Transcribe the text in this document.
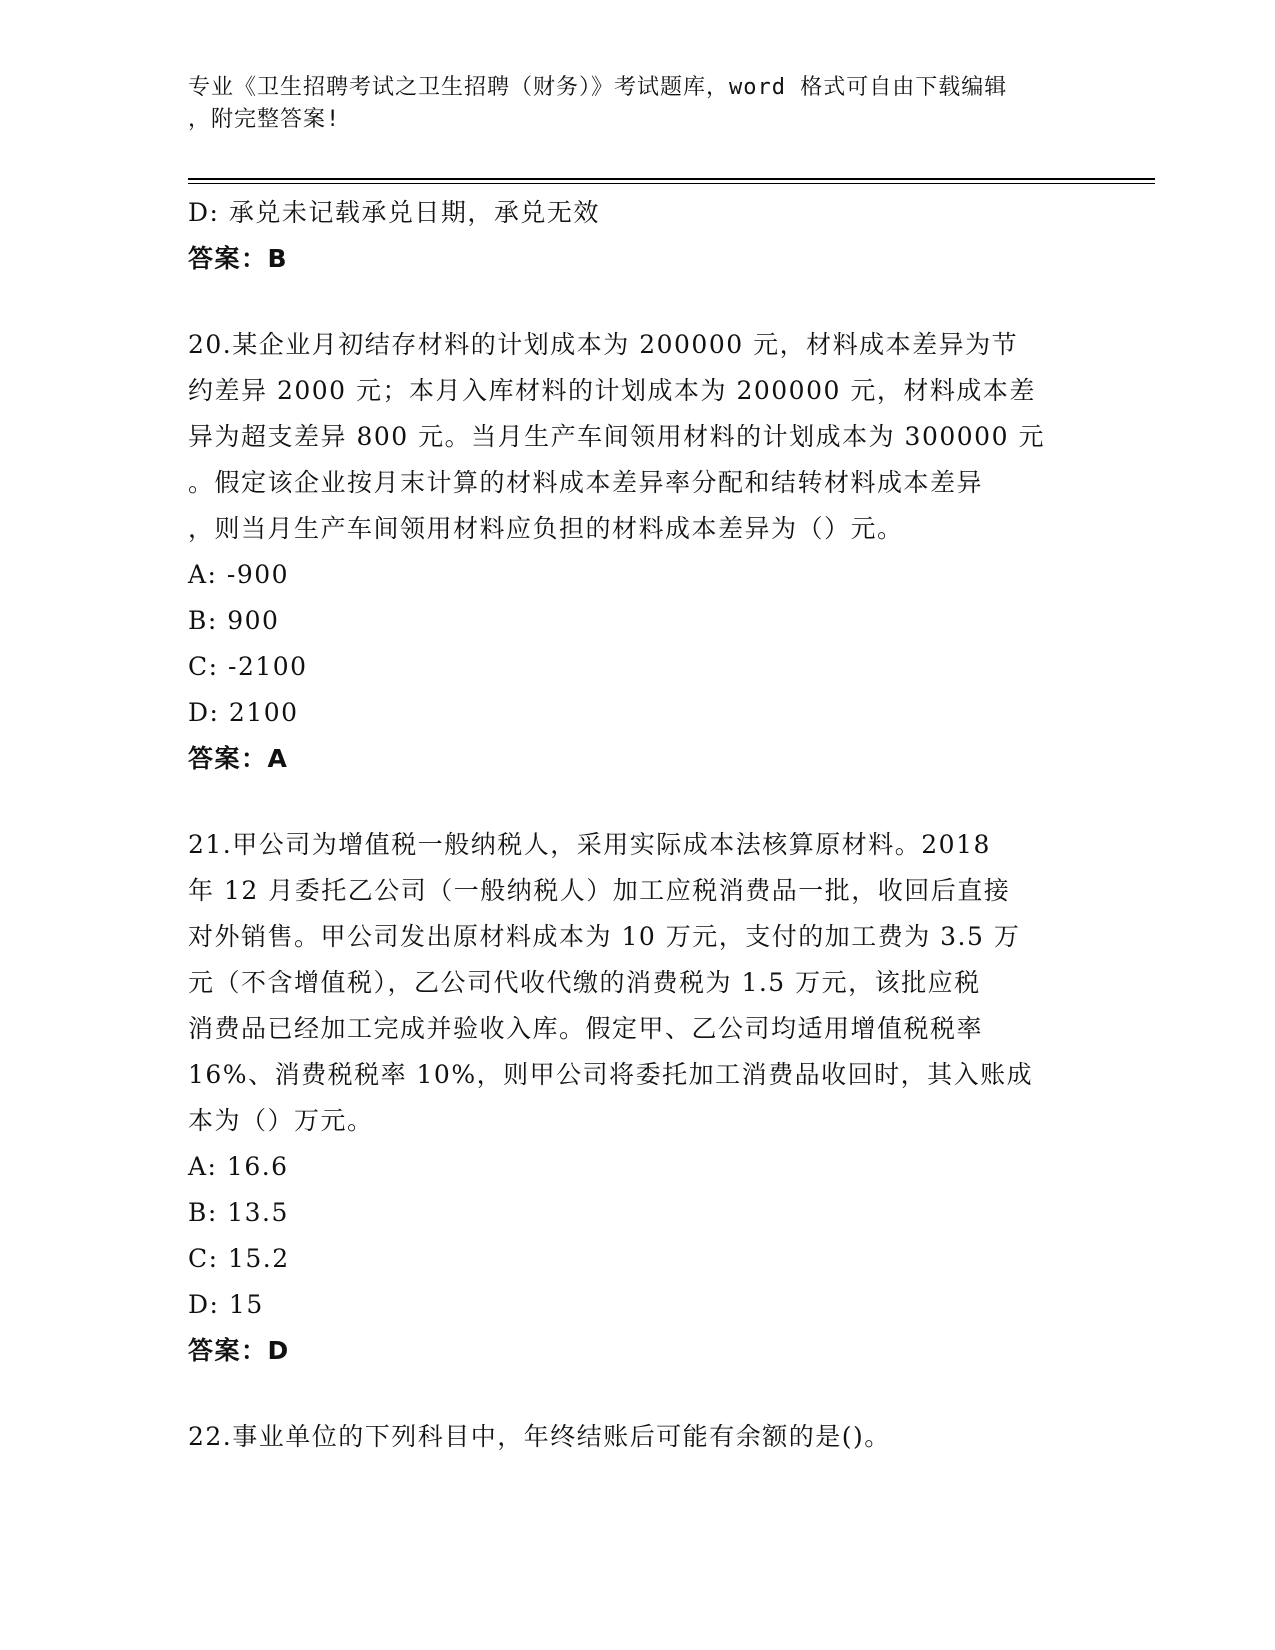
专业《卫生招聘考试之卫生招聘（财务）》考试题库，word 格式可自由下载编辑
，附完整答案!
D: 承兑未记载承兑日期，承兑无效
答案：B
20.某企业月初结存材料的计划成本为 200000 元，材料成本差异为节
约差异 2000 元；本月入库材料的计划成本为 200000 元，材料成本差
异为超支差异 800 元。当月生产车间领用材料的计划成本为 300000 元
。假定该企业按月末计算的材料成本差异率分配和结转材料成本差异
，则当月生产车间领用材料应负担的材料成本差异为（）元。
A: -900
B: 900
C: -2100
D: 2100
答案：A
21.甲公司为增值税一般纳税人，采用实际成本法核算原材料。2018
年 12 月委托乙公司（一般纳税人）加工应税消费品一批，收回后直接
对外销售。甲公司发出原材料成本为 10 万元，支付的加工费为 3.5 万
元（不含增值税），乙公司代收代缴的消费税为 1.5 万元，该批应税
消费品已经加工完成并验收入库。假定甲、乙公司均适用增值税税率
16%、消费税税率 10%，则甲公司将委托加工消费品收回时，其入账成
本为（）万元。
A: 16.6
B: 13.5
C: 15.2
D: 15
答案：D
22.事业单位的下列科目中，年终结账后可能有余额的是()。
